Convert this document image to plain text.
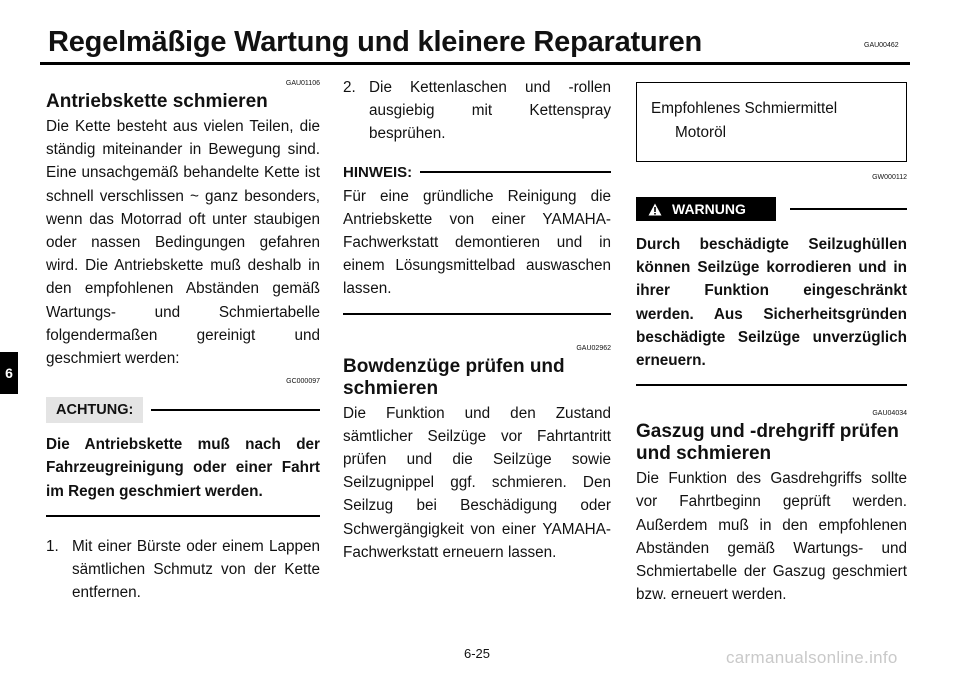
Regelmäßige Wartung und kleinere Reparaturen	GAU00462
6
GAU01106
Antriebskette schmieren

Die Kette besteht aus vielen Teilen, die ständig miteinander in Bewegung sind. Eine unsachgemäß behandelte Kette ist schnell verschlissen ~ ganz besonders, wenn das Motorrad oft unter staubigen oder nassen Bedingungen gefahren wird. Die Antriebskette muß deshalb in den empfohlenen Abständen gemäß Wartungs- und Schmiertabelle folgendermaßen gereinigt und geschmiert werden:

GC000097
ACHTUNG:

Die Antriebskette muß nach der Fahrzeugreinigung oder einer Fahrt im Regen geschmiert werden.

1. Mit einer Bürste oder einem Lappen sämtlichen Schmutz von der Kette entfernen.
2. Die Kettenlaschen und -rollen ausgiebig mit Kettenspray besprühen.
HINWEIS:

Für eine gründliche Reinigung die Antriebskette von einer YAMAHA-Fachwerkstatt demontieren und in einem Lösungsmittelbad auswaschen lassen.

GAU02962
Bowdenzüge prüfen und schmieren

Die Funktion und den Zustand sämtlicher Seilzüge vor Fahrtantritt prüfen und die Seilzüge sowie Seilzugnippel ggf. schmieren. Den Seilzug bei Beschädigung oder Schwergängigkeit von einer YAMAHA-Fachwerkstatt erneuern lassen.

Empfohlenes Schmiermittel
Motoröl
GW000112
WARNUNG

Durch beschädigte Seilzughüllen können Seilzüge korrodieren und in ihrer Funktion eingeschränkt werden. Aus Sicherheitsgründen beschädigte Seilzüge unverzüglich erneuern.

GAU04034
Gaszug und -drehgriff prüfen und schmieren

Die Funktion des Gasdrehgriffs sollte vor Fahrtbeginn geprüft werden. Außerdem muß in den empfohlenen Abständen gemäß Wartungs- und Schmiertabelle der Gaszug geschmiert bzw. erneuert werden.

6-25	carmanualsonline.info
